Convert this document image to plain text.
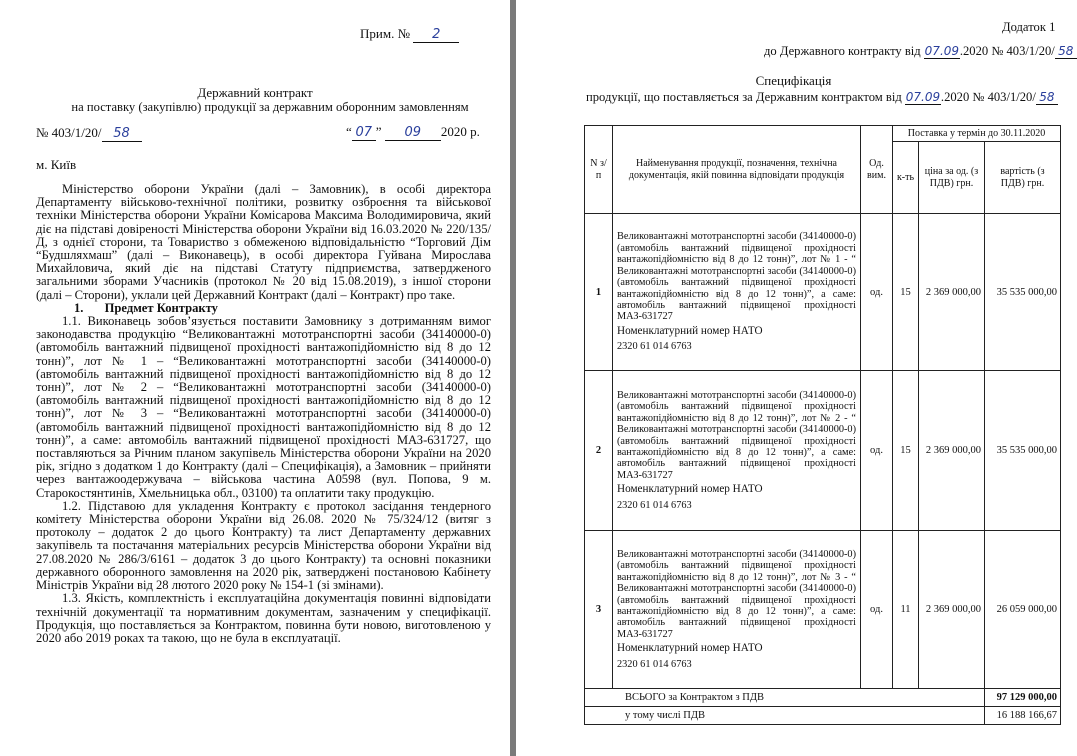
Прим. № 2
Державний контракт
на поставку (закупівлю) продукції за державним оборонним замовленням
№ 403/1/20/ 58	“ 07 ” 09 2020 р.
м. Київ

Міністерство оборони України (далі – Замовник), в особі директора Департаменту військово-технічної політики, розвитку озброєння та військової техніки Міністерства оборони України Комісарова Максима Володимировича, який діє на підставі довіреності Міністерства оборони України від 16.03.2020 № 220/135/Д, з однієї сторони, та Товариство з обмеженою відповідальністю “Торговий Дім “Будшляхмаш” (далі – Виконавець), в особі директора Гуйвана Мирослава Михайловича, який діє на підставі Статуту підприємства, затвердженого загальними зборами Учасників (протокол № 20 від 15.08.2019), з іншої сторони (далі – Сторони), уклали цей Державний Контракт (далі – Контракт) про таке.

1. Предмет Контракту

1.1. Виконавець зобов’язується поставити Замовнику з дотриманням вимог законодавства продукцію “Великовантажні мототранспортні засоби (34140000-0) (автомобіль вантажний підвищеної прохідності вантажопідйомністю від 8 до 12 тонн)”, лот № 1 – “Великовантажні мототранспортні засоби (34140000-0) (автомобіль вантажний підвищеної прохідності вантажопідйомністю від 8 до 12 тонн)”, лот № 2 – “Великовантажні мототранспортні засоби (34140000-0) (автомобіль вантажний підвищеної прохідності вантажопідйомністю від 8 до 12 тонн)”, лот № 3 – “Великовантажні мототранспортні засоби (34140000-0) (автомобіль вантажний підвищеної прохідності вантажопідйомністю від 8 до 12 тонн)”, а саме: автомобіль вантажний підвищеної прохідності МАЗ-631727, що поставляються за Річним планом закупівель Міністерства оборони України на 2020 рік, згідно з додатком 1 до Контракту (далі – Специфікація), а Замовник – прийняти через вантажоодержувача – військова частина А0598 (вул. Попова, 9 м. Старокостянтинів, Хмельницька обл., 03100) та оплатити таку продукцію.

1.2. Підставою для укладення Контракту є протокол засідання тендерного комітету Міністерства оборони України від 26.08. 2020 № 75/324/12 (витяг з протоколу – додаток 2 до цього Контракту) та лист Департаменту державних закупівель та постачання матеріальних ресурсів Міністерства оборони України від 27.08.2020 № 286/3/6161 – додаток 3 до цього Контракту) та основні показники державного оборонного замовлення на 2020 рік, затверджені постановою Кабінету Міністрів України від 28 лютого 2020 року № 154-1 (зі змінами).

1.3. Якість, комплектність і експлуатаційна документація повинні відповідати технічній документації та нормативним документам, зазначеним у специфікації. Продукція, що поставляється за Контрактом, повинна бути новою, виготовленою у 2020 або 2019 роках та такою, що не була в експлуатації.

Додаток 1
до Державного контракту від 07.09.2020 № 403/1/20/ 58
Специфікація
продукції, що поставляється за Державним контрактом від 07.09.2020 № 403/1/20/ 58
N з/п	Найменування продукції, позначення, технічна документація, якій повинна відповідати продукція	Од. вим.	Поставка у термін до 30.11.2020		
			к-ть	ціна за од. (з ПДВ) грн.	вартість (з ПДВ) грн.
1	Великовантажні мототранспортні засоби (34140000-0) (автомобіль вантажний підвищеної прохідності вантажопідйомністю від 8 до 12 тонн)”, лот № 1 - “ Великовантажні мототранспортні засоби (34140000-0) (автомобіль вантажний підвищеної прохідності вантажопідйомністю від 8 до 12 тонн)”, а саме: автомобіль вантажний підвищеної прохідності МАЗ-631727
Номенклатурний номер НАТО
2320 61 014 6763	од.	15	2 369 000,00	35 535 000,00
2	Великовантажні мототранспортні засоби (34140000-0) (автомобіль вантажний підвищеної прохідності вантажопідйомністю від 8 до 12 тонн)”, лот № 2 - “ Великовантажні мототранспортні засоби (34140000-0) (автомобіль вантажний підвищеної прохідності вантажопідйомністю від 8 до 12 тонн)”, а саме: автомобіль вантажний підвищеної прохідності МАЗ-631727
Номенклатурний номер НАТО
2320 61 014 6763	од.	15	2 369 000,00	35 535 000,00
3	Великовантажні мототранспортні засоби (34140000-0) (автомобіль вантажний підвищеної прохідності вантажопідйомністю від 8 до 12 тонн)”, лот № 3 - “ Великовантажні мототранспортні засоби (34140000-0) (автомобіль вантажний підвищеної прохідності вантажопідйомністю від 8 до 12 тонн)”, а саме: автомобіль вантажний підвищеної прохідності МАЗ-631727
Номенклатурний номер НАТО
2320 61 014 6763	од.	11	2 369 000,00	26 059 000,00
ВСЬОГО за Контрактом з ПДВ					97 129 000,00
у тому числі ПДВ					16 188 166,67
